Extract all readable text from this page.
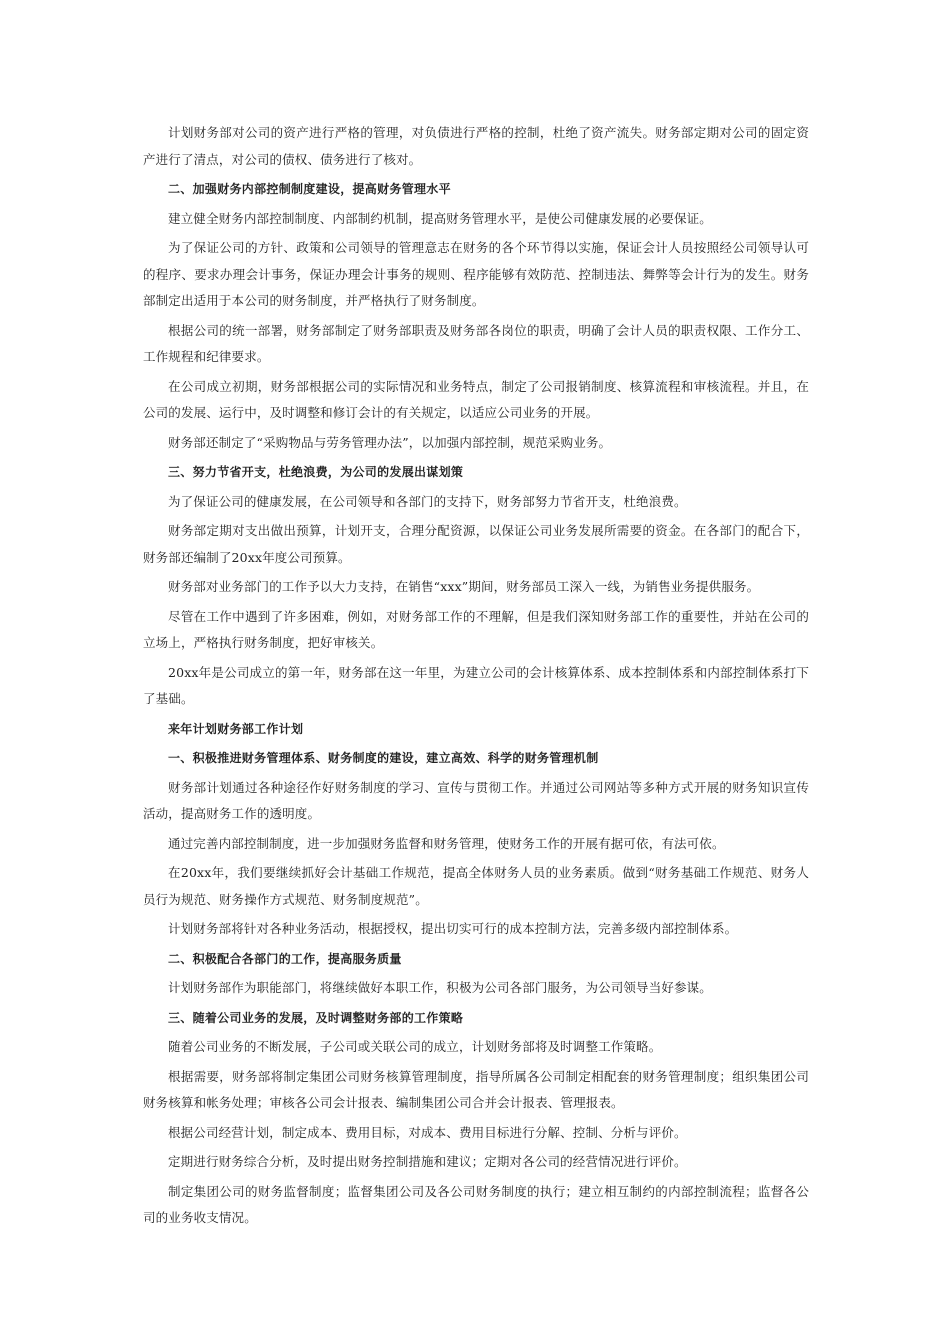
计划财务部对公司的资产进行严格的管理，对负债进行严格的控制，杜绝了资产流失。财务部定期对公司的固定资产进行了清点，对公司的债权、债务进行了核对。

二、加强财务内部控制制度建设，提高财务管理水平

建立健全财务内部控制制度、内部制约机制，提高财务管理水平，是使公司健康发展的必要保证。

为了保证公司的方针、政策和公司领导的管理意志在财务的各个环节得以实施，保证会计人员按照经公司领导认可的程序、要求办理会计事务，保证办理会计事务的规则、程序能够有效防范、控制违法、舞弊等会计行为的发生。财务部制定出适用于本公司的财务制度，并严格执行了财务制度。

根据公司的统一部署，财务部制定了财务部职责及财务部各岗位的职责，明确了会计人员的职责权限、工作分工、工作规程和纪律要求。

在公司成立初期，财务部根据公司的实际情况和业务特点，制定了公司报销制度、核算流程和审核流程。并且，在公司的发展、运行中，及时调整和修订会计的有关规定，以适应公司业务的开展。

财务部还制定了“采购物品与劳务管理办法”，以加强内部控制，规范采购业务。

三、努力节省开支，杜绝浪费，为公司的发展出谋划策

为了保证公司的健康发展，在公司领导和各部门的支持下，财务部努力节省开支，杜绝浪费。

财务部定期对支出做出预算，计划开支，合理分配资源，以保证公司业务发展所需要的资金。在各部门的配合下，财务部还编制了20xx年度公司预算。

财务部对业务部门的工作予以大力支持，在销售“xxx”期间，财务部员工深入一线，为销售业务提供服务。

尽管在工作中遇到了许多困难，例如，对财务部工作的不理解，但是我们深知财务部工作的重要性，并站在公司的立场上，严格执行财务制度，把好审核关。

20xx年是公司成立的第一年，财务部在这一年里，为建立公司的会计核算体系、成本控制体系和内部控制体系打下了基础。

来年计划财务部工作计划

一、积极推进财务管理体系、财务制度的建设，建立高效、科学的财务管理机制

财务部计划通过各种途径作好财务制度的学习、宣传与贯彻工作。并通过公司网站等多种方式开展的财务知识宣传活动，提高财务工作的透明度。

通过完善内部控制制度，进一步加强财务监督和财务管理，使财务工作的开展有据可依，有法可依。

在20xx年，我们要继续抓好会计基础工作规范，提高全体财务人员的业务素质。做到“财务基础工作规范、财务人员行为规范、财务操作方式规范、财务制度规范”。

计划财务部将针对各种业务活动，根据授权，提出切实可行的成本控制方法，完善多级内部控制体系。

二、积极配合各部门的工作，提高服务质量

计划财务部作为职能部门，将继续做好本职工作，积极为公司各部门服务，为公司领导当好参谋。

三、随着公司业务的发展，及时调整财务部的工作策略

随着公司业务的不断发展，子公司或关联公司的成立，计划财务部将及时调整工作策略。

根据需要，财务部将制定集团公司财务核算管理制度，指导所属各公司制定相配套的财务管理制度；组织集团公司财务核算和帐务处理；审核各公司会计报表、编制集团公司合并会计报表、管理报表。

根据公司经营计划，制定成本、费用目标，对成本、费用目标进行分解、控制、分析与评价。

定期进行财务综合分析，及时提出财务控制措施和建议；定期对各公司的经营情况进行评价。

制定集团公司的财务监督制度；监督集团公司及各公司财务制度的执行；建立相互制约的内部控制流程；监督各公司的业务收支情况。
